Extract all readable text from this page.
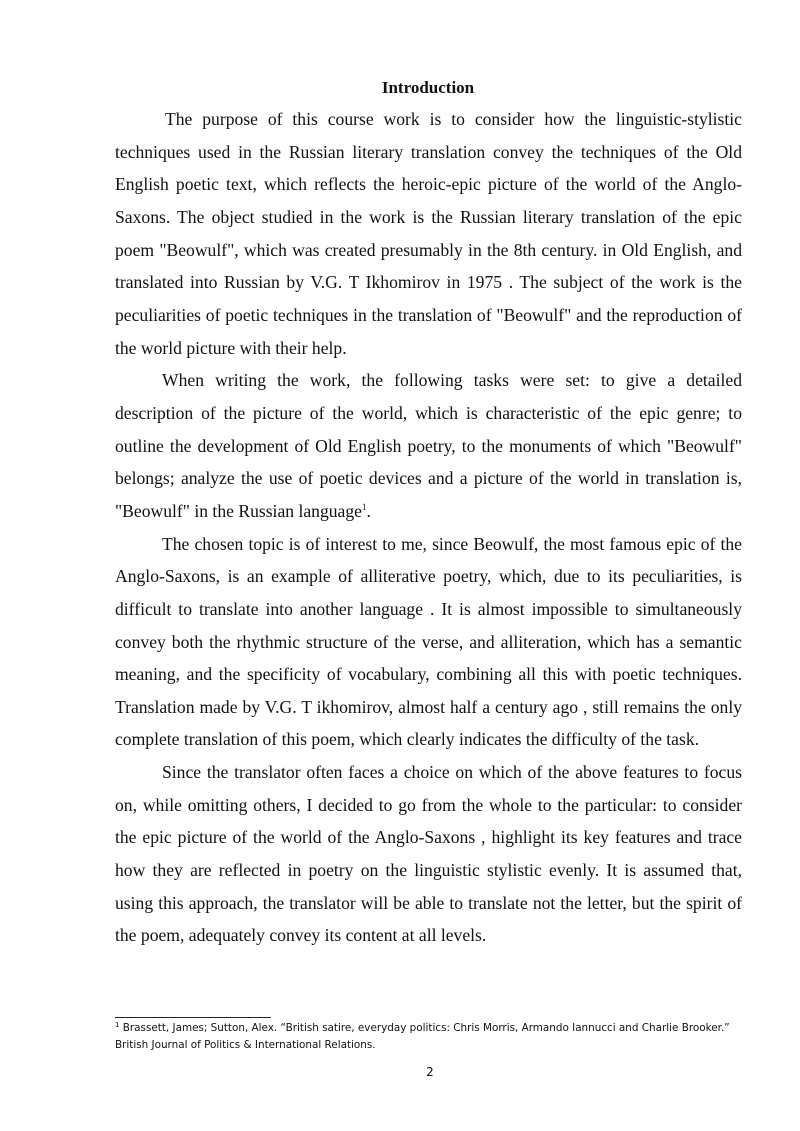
Introduction

The purpose of this course work is to consider how the linguistic-stylistic techniques used in the Russian literary translation convey the techniques of the Old English poetic text, which reflects the heroic-epic picture of the world of the Anglo-Saxons. The object studied in the work is the Russian literary translation of the epic poem "Beowulf", which was created presumably in the 8th century. in Old English, and translated into Russian by V.G. T Ikhomirov in 1975 . The subject of the work is the peculiarities of poetic techniques in the translation of "Beowulf" and the reproduction of the world picture with their help.

When writing the work, the following tasks were set: to give a detailed description of the picture of the world, which is characteristic of the epic genre; to outline the development of Old English poetry, to the monuments of which "Beowulf" belongs; analyze the use of poetic devices and a picture of the world in translation is, "Beowulf" in the Russian language$^1$.

The chosen topic is of interest to me, since Beowulf, the most famous epic of the Anglo-Saxons, is an example of alliterative poetry, which, due to its peculiarities, is difficult to translate into another language . It is almost impossible to simultaneously convey both the rhythmic structure of the verse, and alliteration, which has a semantic meaning, and the specificity of vocabulary, combining all this with poetic techniques. Translation made by V.G. T ikhomirov, almost half a century ago , still remains the only complete translation of this poem, which clearly indicates the difficulty of the task.

Since the translator often faces a choice on which of the above features to focus on, while omitting others, I decided to go from the whole to the particular: to consider the epic picture of the world of the Anglo-Saxons , highlight its key features and trace how they are reflected in poetry on the linguistic stylistic evenly. It is assumed that, using this approach, the translator will be able to translate not the letter, but the spirit of the poem, adequately convey its content at all levels.

$^1$ Brassett, James; Sutton, Alex. “British satire, everyday politics: Chris Morris, Armando Iannucci and Charlie Brooker.” British Journal of Politics & International Relations.
2
